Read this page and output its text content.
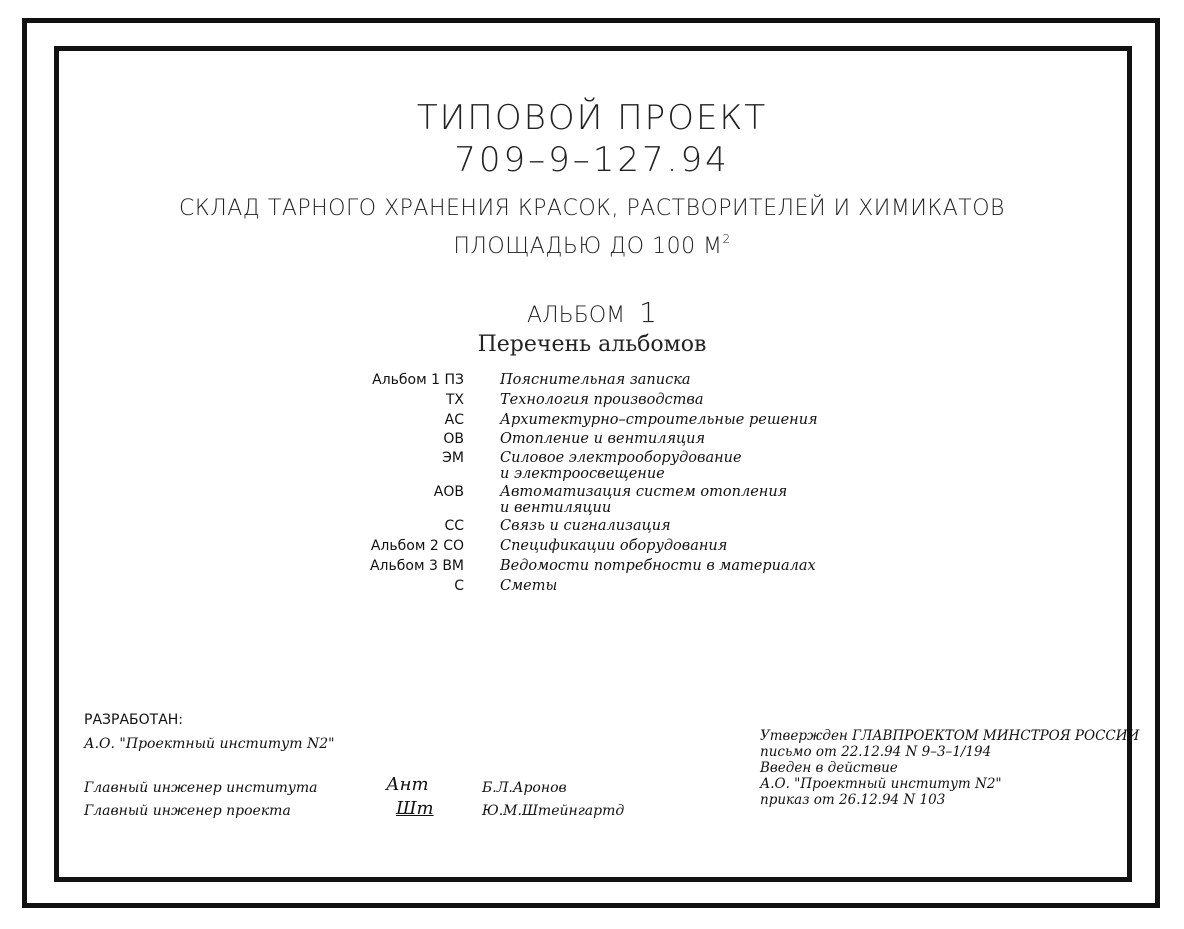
ТИПОВОЙ ПРОЕКТ
709–9–127.94
СКЛАД ТАРНОГО ХРАНЕНИЯ КРАСОК, РАСТВОРИТЕЛЕЙ И ХИМИКАТОВ
ПЛОЩАДЬЮ ДО 100 $М^2$
АЛЬБОМ 1
Перечень альбомов
Альбом 1 ПЗ Пояснительная записка
ТХ Технология производства
АС Архитектурно–строительные решения
ОВ Отопление и вентиляция
ЭМ Силовое электрооборудование
и электроосвещение
АОВ Автоматизация систем отопления
и вентиляции
СС Связь и сигнализация
Альбом 2 СО Спецификации оборудования
Альбом 3 ВМ Ведомости потребности в материалах
С Сметы
РАЗРАБОТАН:
А.О. "Проектный институт N2"
Главный инженер института
Главный инженер проекта
Ант
Шт
Б.Л.Аронов
Ю.М.Штейнгартд
Утвержден ГЛАВПРОЕКТОМ МИНСТРОЯ РОССИИ
письмо от 22.12.94 N 9–3–1/194
Введен в действие
А.О. "Проектный институт N2"
приказ от 26.12.94 N 103
